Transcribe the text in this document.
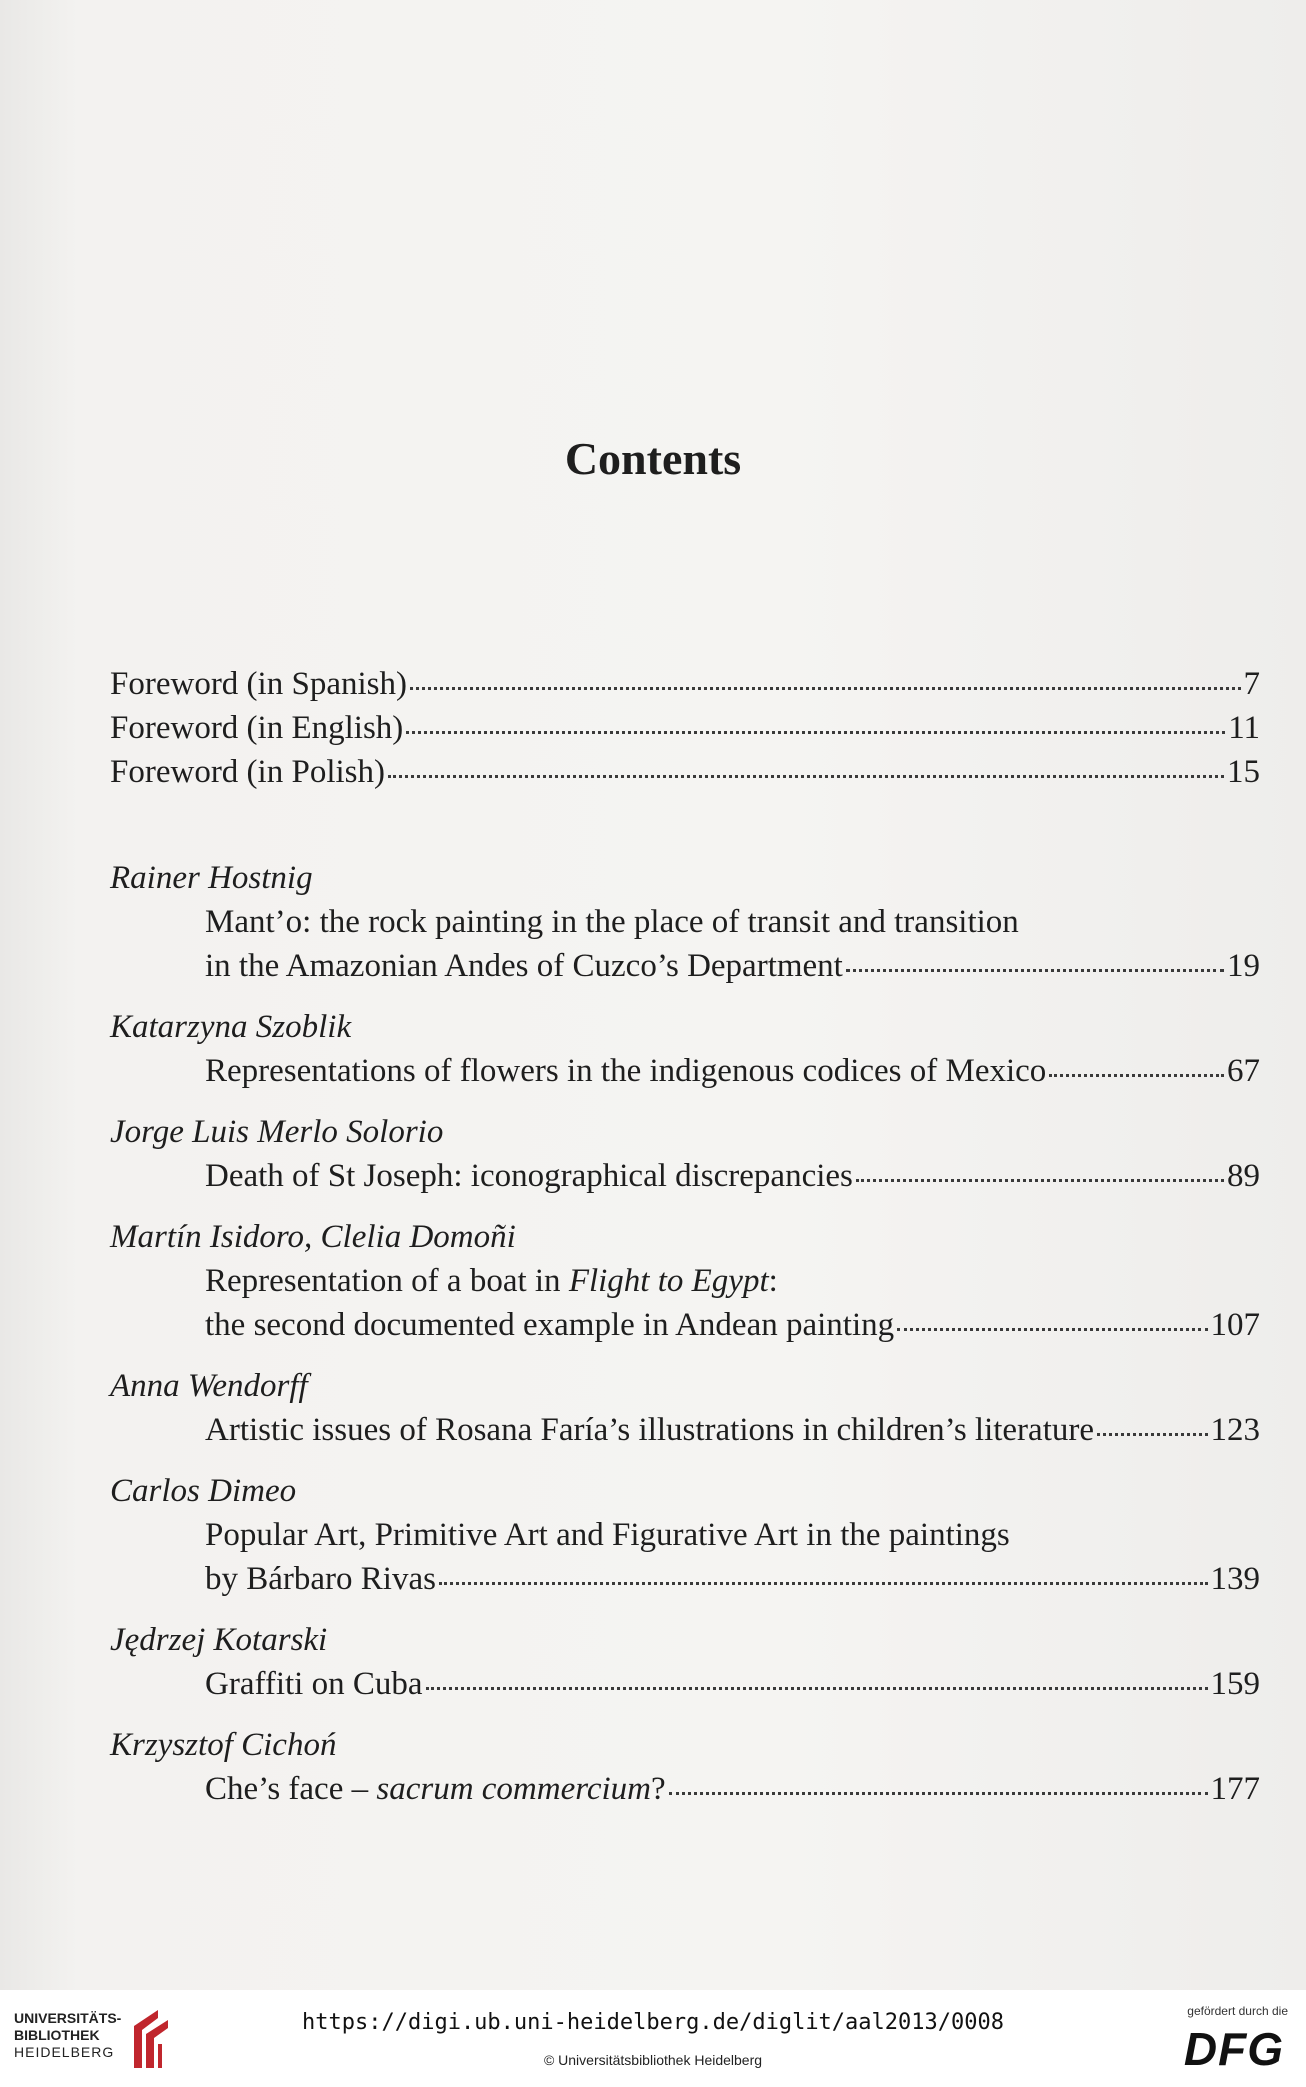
Contents
Foreword (in Spanish)	7
Foreword (in English)	11
Foreword (in Polish)	15
Rainer Hostnig
Mant’o: the rock painting in the place of transit and transition
in the Amazonian Andes of Cuzco’s Department	19
Katarzyna Szoblik
Representations of flowers in the indigenous codices of Mexico	67
Jorge Luis Merlo Solorio
Death of St Joseph: iconographical discrepancies	89
Martín Isidoro, Clelia Domoñi
Representation of a boat in Flight to Egypt:
the second documented example in Andean painting	107
Anna Wendorff
Artistic issues of Rosana Faría’s illustrations in children’s literature	123
Carlos Dimeo
Popular Art, Primitive Art and Figurative Art in the paintings
by Bárbaro Rivas	139
Jędrzej Kotarski
Graffiti on Cuba	159
Krzysztof Cichoń
Che’s face – sacrum commercium?	177
UNIVERSITÄTS-
BIBLIOTHEK
HEIDELBERG
https://digi.ub.uni-heidelberg.de/diglit/aal2013/0008
© Universitätsbibliothek Heidelberg
gefördert durch die
DFG
